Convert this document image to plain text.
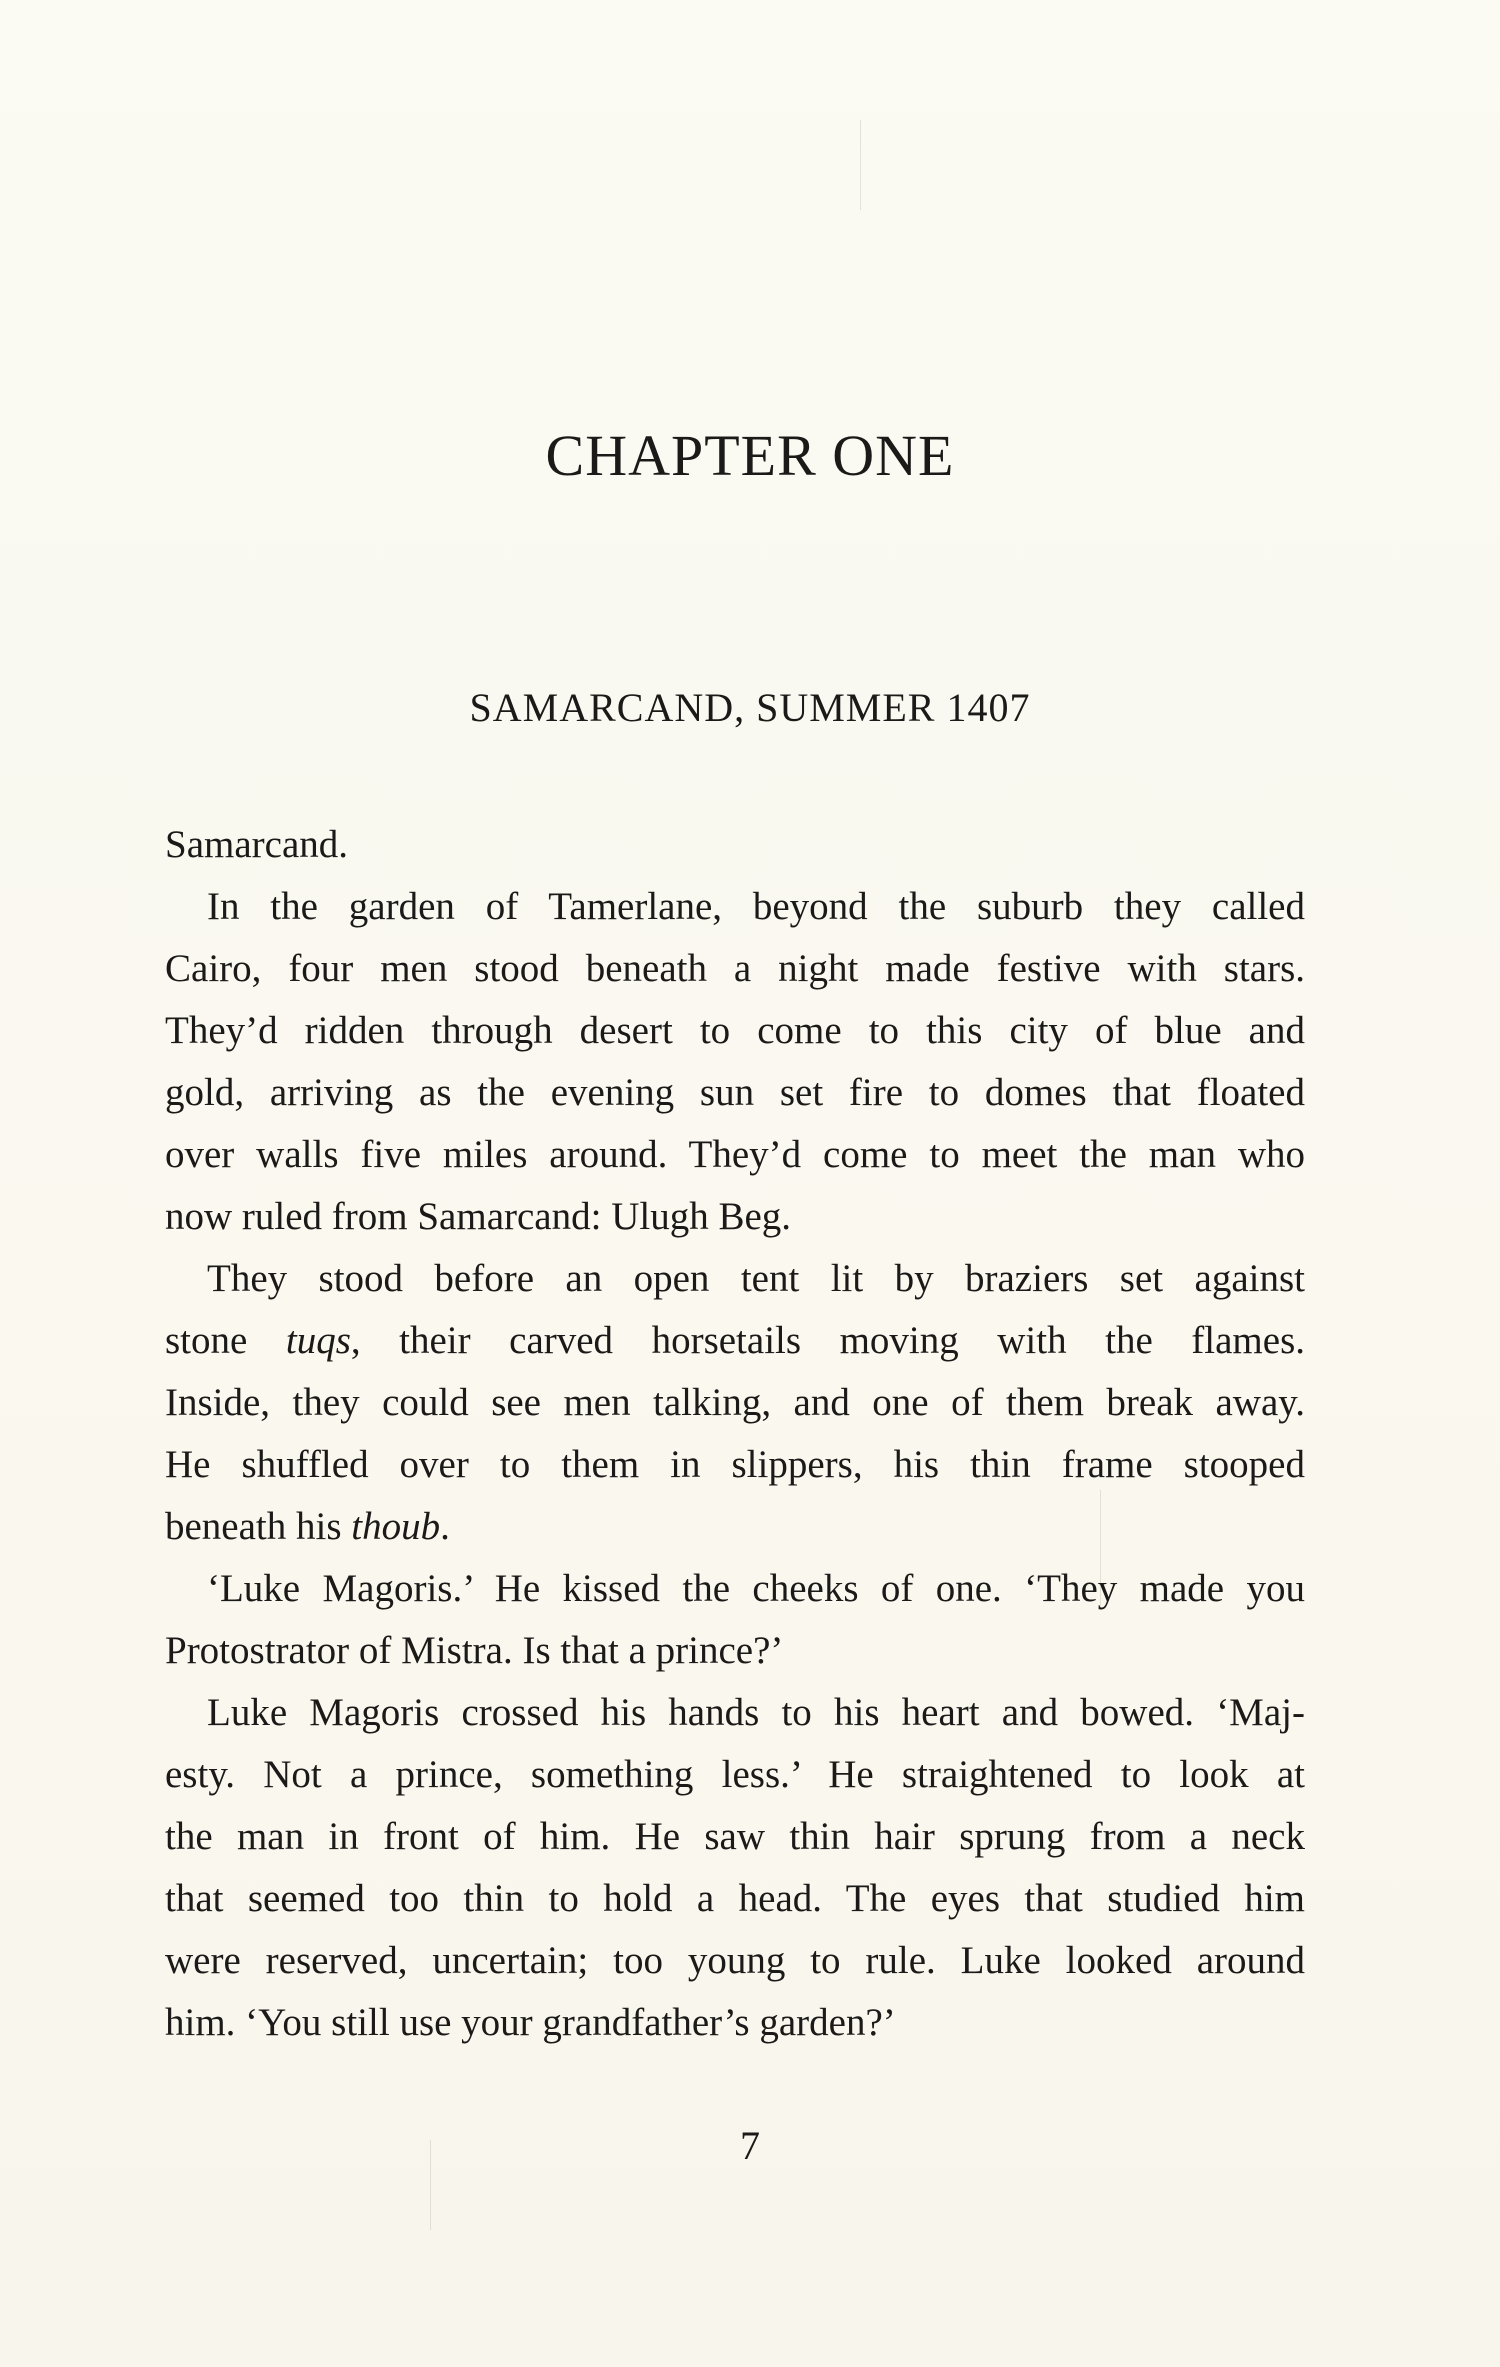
CHAPTER ONE
SAMARCAND, SUMMER 1407
Samarcand.
In the garden of Tamerlane, beyond the suburb they called
Cairo, four men stood beneath a night made festive with stars.
They’d ridden through desert to come to this city of blue and
gold, arriving as the evening sun set fire to domes that floated
over walls five miles around. They’d come to meet the man who
now ruled from Samarcand: Ulugh Beg.
They stood before an open tent lit by braziers set against
stone tuqs, their carved horsetails moving with the flames.
Inside, they could see men talking, and one of them break away.
He shuffled over to them in slippers, his thin frame stooped
beneath his thoub.
‘Luke Magoris.’ He kissed the cheeks of one. ‘They made you
Protostrator of Mistra. Is that a prince?’
Luke Magoris crossed his hands to his heart and bowed. ‘Maj-
esty. Not a prince, something less.’ He straightened to look at
the man in front of him. He saw thin hair sprung from a neck
that seemed too thin to hold a head. The eyes that studied him
were reserved, uncertain; too young to rule. Luke looked around
him. ‘You still use your grandfather’s garden?’
7
